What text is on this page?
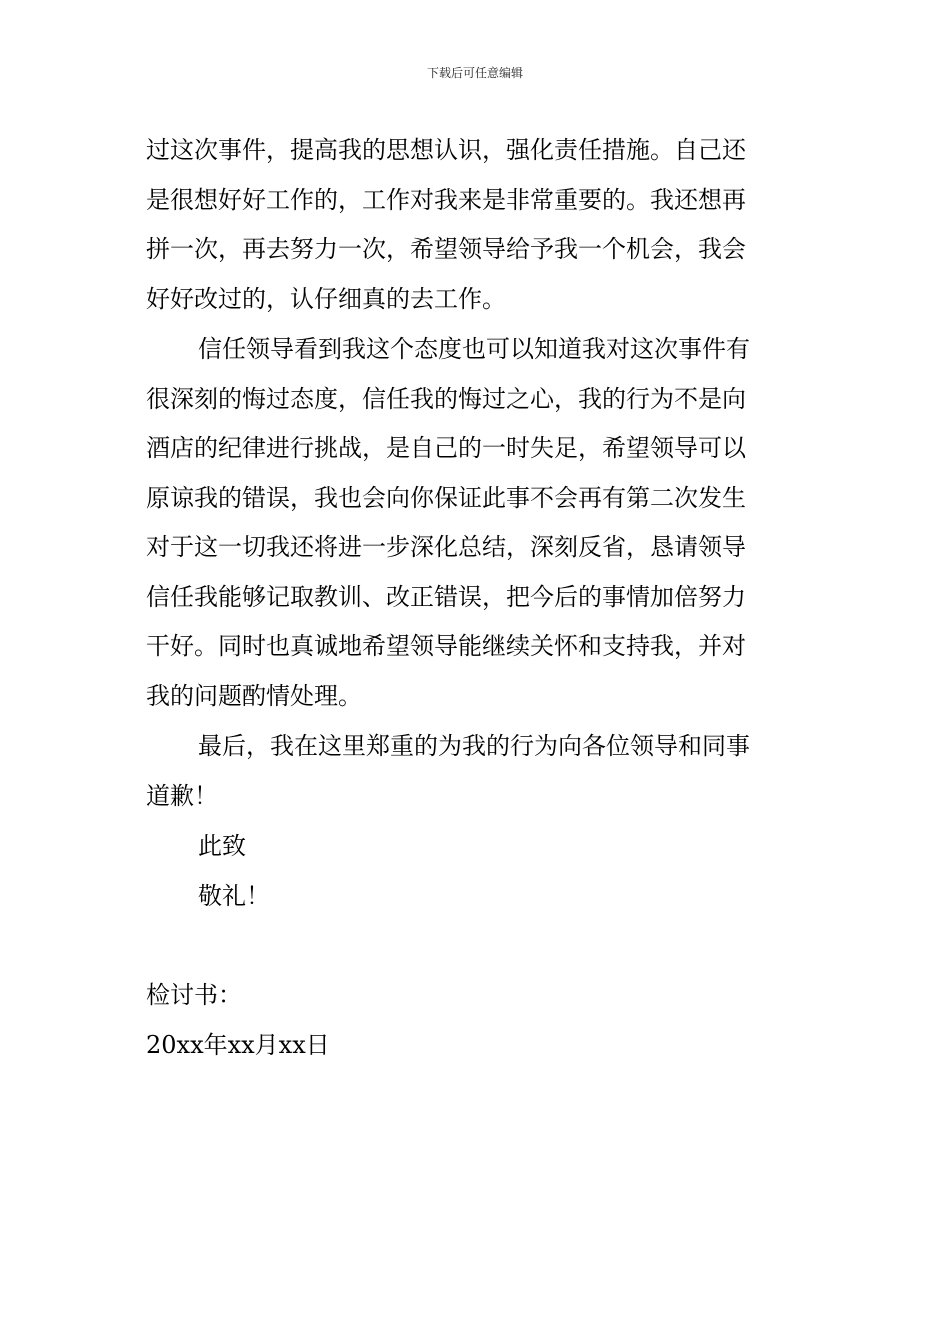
下载后可任意编辑
过这次事件，提高我的思想认识，强化责任措施。自己还
是很想好好工作的，工作对我来是非常重要的。我还想再
拼一次，再去努力一次，希望领导给予我一个机会，我会
好好改过的，认仔细真的去工作。
信任领导看到我这个态度也可以知道我对这次事件有
很深刻的悔过态度，信任我的悔过之心，我的行为不是向
酒店的纪律进行挑战，是自己的一时失足，希望领导可以
原谅我的错误，我也会向你保证此事不会再有第二次发生
对于这一切我还将进一步深化总结，深刻反省，恳请领导
信任我能够记取教训、改正错误，把今后的事情加倍努力
干好。同时也真诚地希望领导能继续关怀和支持我，并对
我的问题酌情处理。
最后，我在这里郑重的为我的行为向各位领导和同事
道歉！
此致
敬礼！
检讨书：
20xx年xx月xx日
